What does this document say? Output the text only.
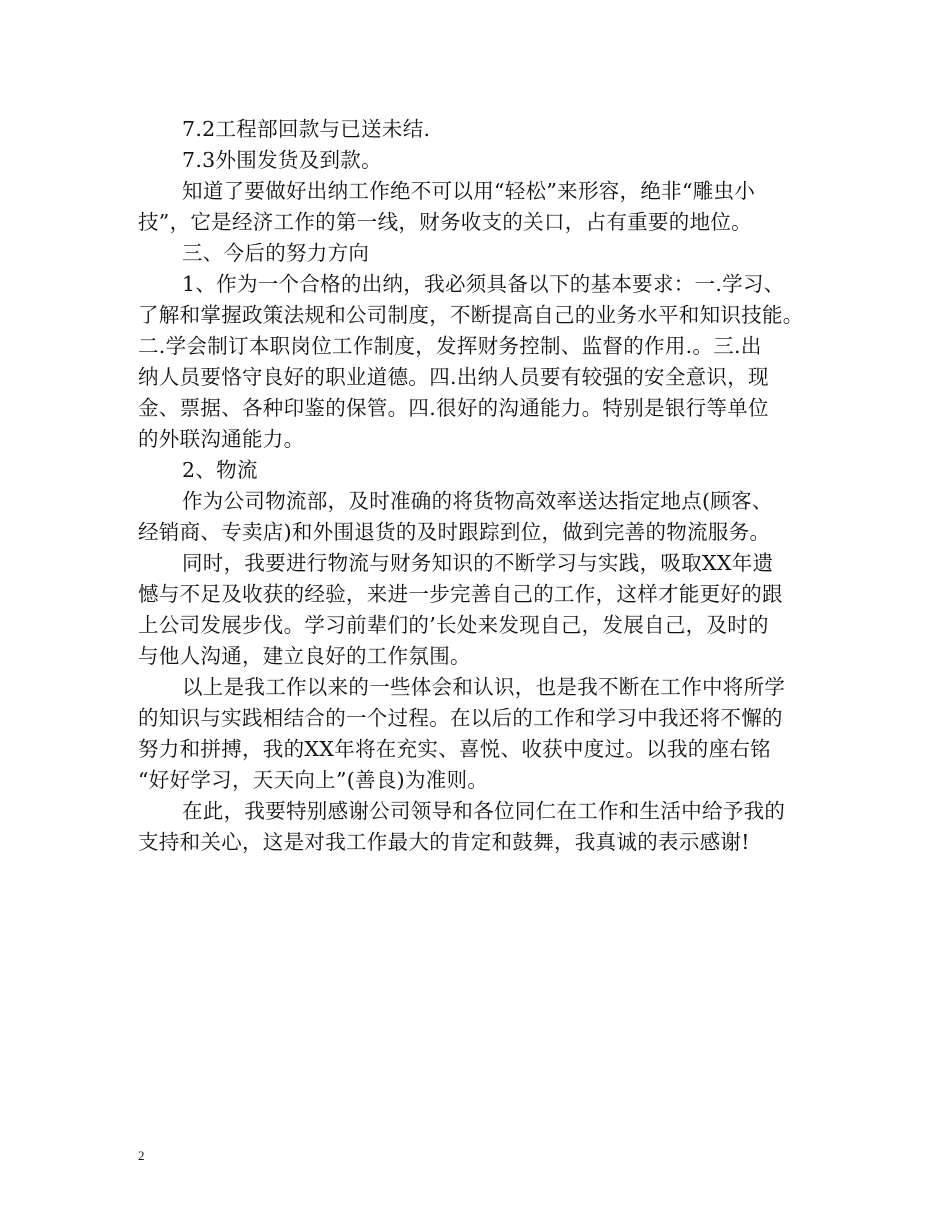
7.2工程部回款与已送未结.
7.3外围发货及到款。
知道了要做好出纳工作绝不可以用“轻松”来形容，绝非“雕虫小
技”，它是经济工作的第一线，财务收支的关口，占有重要的地位。
三、今后的努力方向
1、作为一个合格的出纳，我必须具备以下的基本要求：一.学习、
了解和掌握政策法规和公司制度，不断提高自己的业务水平和知识技能。
二.学会制订本职岗位工作制度，发挥财务控制、监督的作用.。三.出
纳人员要恪守良好的职业道德。四.出纳人员要有较强的安全意识，现
金、票据、各种印鉴的保管。四.很好的沟通能力。特别是银行等单位
的外联沟通能力。
2、物流
作为公司物流部，及时准确的将货物高效率送达指定地点(顾客、
经销商、专卖店)和外围退货的及时跟踪到位，做到完善的物流服务。
同时，我要进行物流与财务知识的不断学习与实践，吸取XX年遗
憾与不足及收获的经验，来进一步完善自己的工作，这样才能更好的跟
上公司发展步伐。学习前辈们的’长处来发现自己，发展自己，及时的
与他人沟通，建立良好的工作氛围。
以上是我工作以来的一些体会和认识，也是我不断在工作中将所学
的知识与实践相结合的一个过程。在以后的工作和学习中我还将不懈的
努力和拼搏，我的XX年将在充实、喜悦、收获中度过。以我的座右铭
“好好学习，天天向上”(善良)为准则。
在此，我要特别感谢公司领导和各位同仁在工作和生活中给予我的
支持和关心，这是对我工作最大的肯定和鼓舞，我真诚的表示感谢!
2
